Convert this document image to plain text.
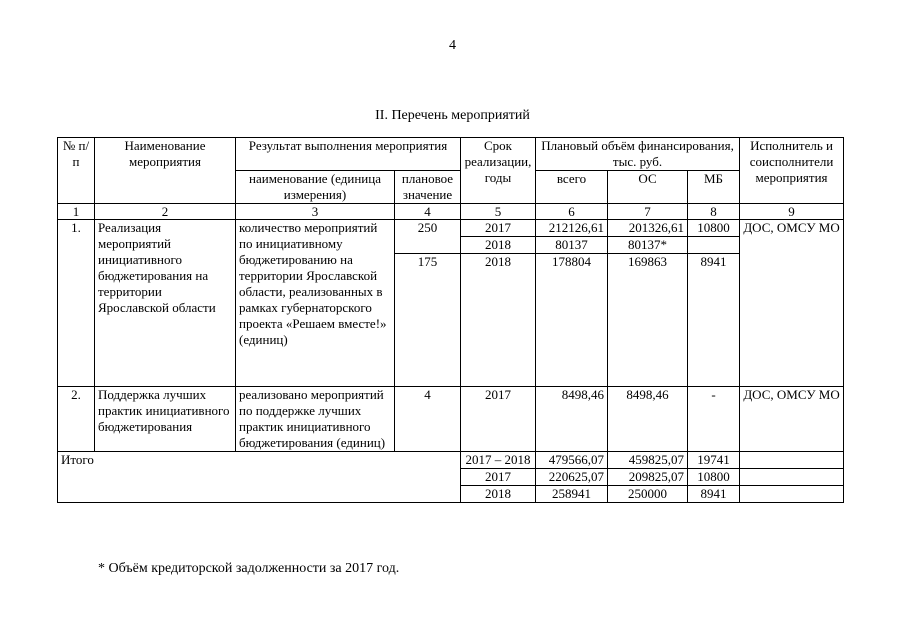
4
II. Перечень мероприятий
№ п/п	Наименование мероприятия	Результат выполнения мероприятия		Срок реализации, годы	Плановый объём финансирования, тыс. руб.			Исполнитель и соисполнители мероприятия
		наименование (единица измерения)	плановое значение		всего	ОС	МБ	
1	2	3	4	5	6	7	8	9
1.	Реализация мероприятий инициативного бюджетирования на территории Ярославской области	количество мероприятий по инициативному бюджетированию на территории Ярославской области, реализованных в рамках губернаторского проекта «Решаем вместе!» (единиц)	250	2017	212126,61	201326,61	10800	ДОС, ОМСУ МО
				2018	80137	80137*		
			175	2018	178804	169863	8941	
2.	Поддержка лучших практик инициативного бюджетирования	реализовано мероприятий по поддержке лучших практик инициативного бюджетирования (единиц)	4	2017	8498,46	8498,46	-	ДОС, ОМСУ МО
Итого				2017 – 2018	479566,07	459825,07	19741	
				2017	220625,07	209825,07	10800	
				2018	258941	250000	8941	
* Объём кредиторской задолженности за 2017 год.
